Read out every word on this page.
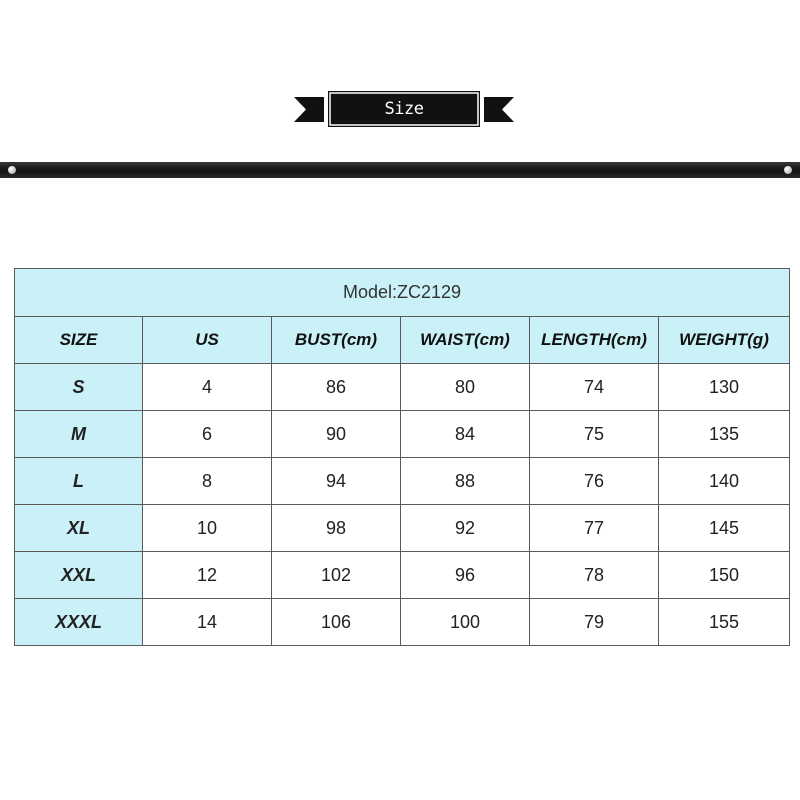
Size information
Model:ZC2129					
SIZE	US	BUST(cm)	WAIST(cm)	LENGTH(cm)	WEIGHT(g)
S	4	86	80	74	130
M	6	90	84	75	135
L	8	94	88	76	140
XL	10	98	92	77	145
XXL	12	102	96	78	150
XXXL	14	106	100	79	155
